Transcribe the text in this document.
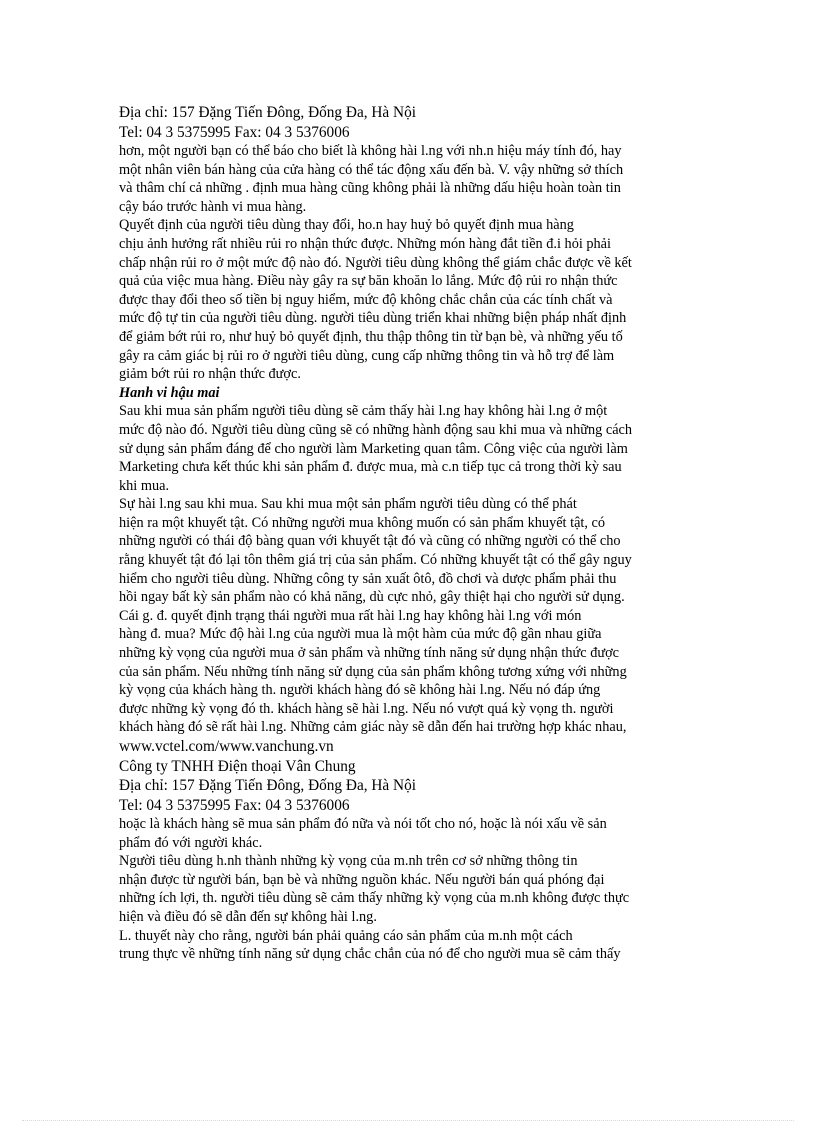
Địa chỉ: 157 Đặng Tiến Đông, Đống Đa, Hà Nội

Tel: 04 3 5375995 Fax: 04 3 5376006

hơn, một người bạn có thể báo cho biết là không hài l.ng với nh.n hiệu máy tính đó, hay

một nhân viên bán hàng của cửa hàng có thể tác động xấu đến bà. V. vậy những sở thích

và thâm chí cả những . định mua hàng cũng không phải là những dấu hiệu hoàn toàn tin

cậy báo trước hành vi mua hàng.

Quyết định của người tiêu dùng thay đổi, ho.n hay huỷ bỏ quyết định mua hàng

chịu ảnh hưởng rất nhiều rủi ro nhận thức được. Những món hàng đắt tiền đ.i hỏi phải

chấp nhận rủi ro ở một mức độ nào đó. Người tiêu dùng không thể giám chắc được về kết

quả của việc mua hàng. Điều này gây ra sự băn khoăn lo lắng. Mức độ rủi ro nhận thức

được thay đổi theo số tiền bị nguy hiểm, mức độ không chắc chắn của các tính chất và

mức độ tự tin của người tiêu dùng. người tiêu dùng triển khai những biện pháp nhất định

để giảm bớt rủi ro, như huỷ bỏ quyết định, thu thập thông tin từ bạn bè, và những yếu tố

gây ra cảm giác bị rủi ro ở người tiêu dùng, cung cấp những thông tin và hỗ trợ để làm

giảm bớt rủi ro nhận thức được.

Hanh vi hậu mai

Sau khi mua sản phẩm người tiêu dùng sẽ cảm thấy hài l.ng hay không hài l.ng ở một

mức độ nào đó. Người tiêu dùng cũng sẽ có những hành động sau khi mua và những cách

sử dụng sản phẩm đáng để cho người làm Marketing quan tâm. Công việc của người làm

Marketing chưa kết thúc khi sản phẩm đ. được mua, mà c.n tiếp tục cả trong thời kỳ sau

khi mua.

Sự hài l.ng sau khi mua. Sau khi mua một sản phẩm người tiêu dùng có thể phát

hiện ra một khuyết tật. Có những người mua không muốn có sản phẩm khuyết tật, có

những người có thái độ bàng quan với khuyết tật đó và cũng có những người có thể cho

rằng khuyết tật đó lại tôn thêm giá trị của sản phẩm. Có những khuyết tật có thể gây nguy

hiểm cho người tiêu dùng. Những công ty sản xuất ôtô, đồ chơi và dược phẩm phải thu

hồi ngay bất kỳ sản phẩm nào có khả năng, dù cực nhỏ, gây thiệt hại cho người sử dụng.

Cái g. đ. quyết định trạng thái người mua rất hài l.ng hay không hài l.ng với món

hàng đ. mua? Mức độ hài l.ng của người mua là một hàm của mức độ gần nhau giữa

những kỳ vọng của người mua ở sản phẩm và những tính năng sử dụng nhận thức được

của sản phẩm. Nếu những tính năng sử dụng của sản phẩm không tương xứng với những

kỳ vọng của khách hàng th. người khách hàng đó sẽ không hài l.ng. Nếu nó đáp ứng

được những kỳ vọng đó th. khách hàng sẽ hài l.ng. Nếu nó vượt quá kỳ vọng th. người

khách hàng đó sẽ rất hài l.ng. Những cảm giác này sẽ dẫn đến hai trường hợp khác nhau,

www.vctel.com/www.vanchung.vn

Công ty TNHH Điện thoại Vân Chung

Địa chỉ: 157 Đặng Tiến Đông, Đống Đa, Hà Nội

Tel: 04 3 5375995 Fax: 04 3 5376006

hoặc là khách hàng sẽ mua sản phẩm đó nữa và nói tốt cho nó, hoặc là nói xấu về sản

phẩm đó với người khác.

Người tiêu dùng h.nh thành những kỳ vọng của m.nh trên cơ sở những thông tin

nhận được từ người bán, bạn bè và những nguồn khác. Nếu người bán quá phóng đại

những ích lợi, th. người tiêu dùng sẽ cảm thấy những kỳ vọng của m.nh không được thực

hiện và điều đó sẽ dẫn đến sự không hài l.ng.

L. thuyết này cho rằng, người bán phải quảng cáo sản phẩm của m.nh một cách

trung thực về những tính năng sử dụng chắc chắn của nó để cho người mua sẽ cảm thấy
